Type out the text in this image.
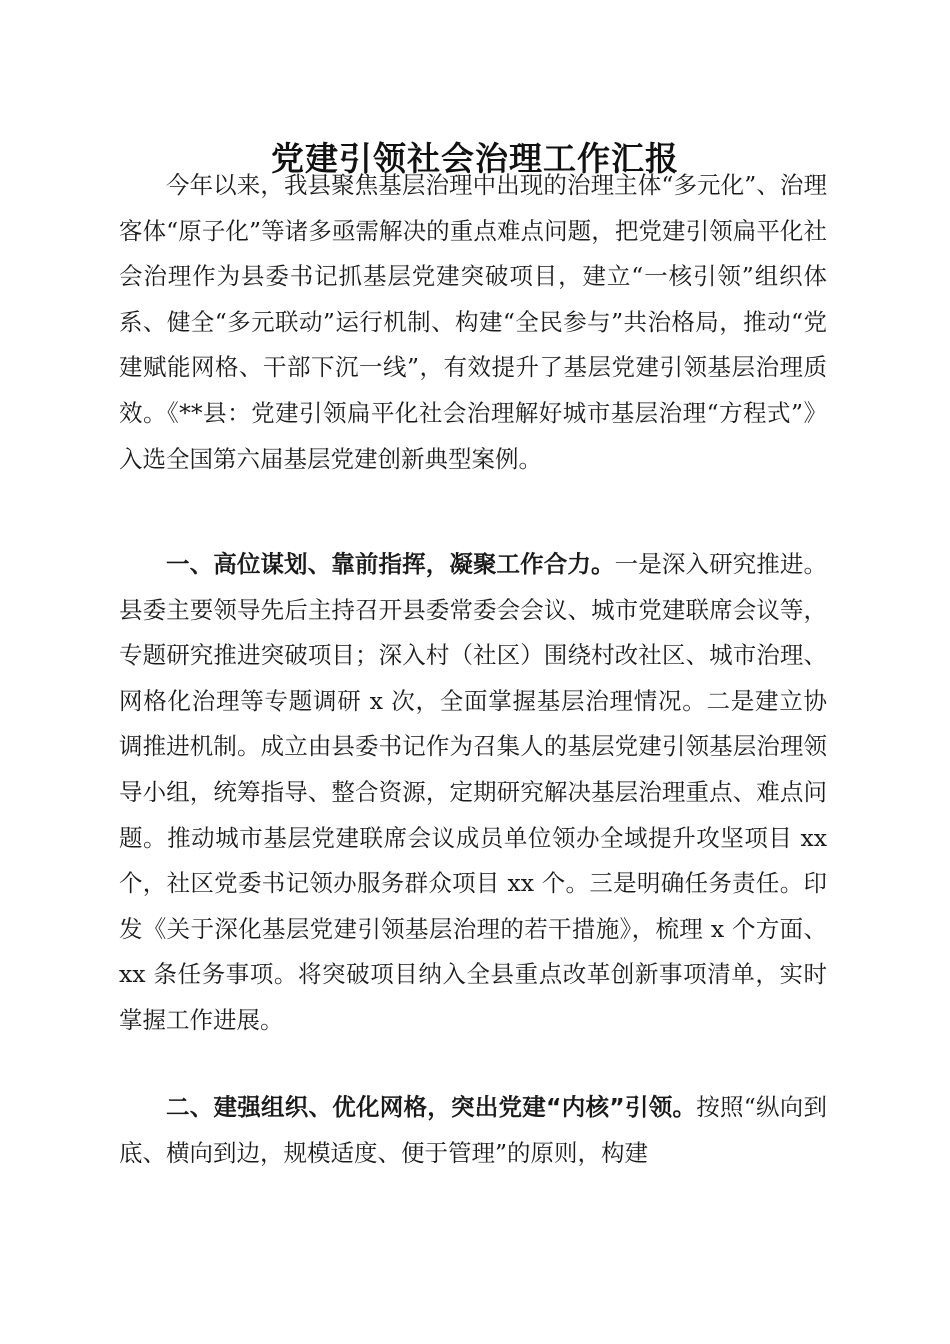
党建引领社会治理工作汇报

今年以来，我县聚焦基层治理中出现的治理主体“多元化”、治理客体“原子化”等诸多亟需解决的重点难点问题，把党建引领扁平化社会治理作为县委书记抓基层党建突破项目，建立“一核引领”组织体系、健全“多元联动”运行机制、构建“全民参与”共治格局，推动“党建赋能网格、干部下沉一线”，有效提升了基层党建引领基层治理质效。《**县：党建引领扁平化社会治理解好城市基层治理“方程式”》入选全国第六届基层党建创新典型案例。

一、高位谋划、靠前指挥，凝聚工作合力。一是深入研究推进。县委主要领导先后主持召开县委常委会会议、城市党建联席会议等，专题研究推进突破项目；深入村（社区）围绕村改社区、城市治理、网格化治理等专题调研 x 次，全面掌握基层治理情况。二是建立协调推进机制。成立由县委书记作为召集人的基层党建引领基层治理领导小组，统筹指导、整合资源，定期研究解决基层治理重点、难点问题。推动城市基层党建联席会议成员单位领办全域提升攻坚项目 xx 个，社区党委书记领办服务群众项目 xx 个。三是明确任务责任。印发《关于深化基层党建引领基层治理的若干措施》，梳理 x 个方面、xx 条任务事项。将突破项目纳入全县重点改革创新事项清单，实时掌握工作进展。

二、建强组织、优化网格，突出党建“内核”引领。按照“纵向到底、横向到边，规模适度、便于管理”的原则，构建
